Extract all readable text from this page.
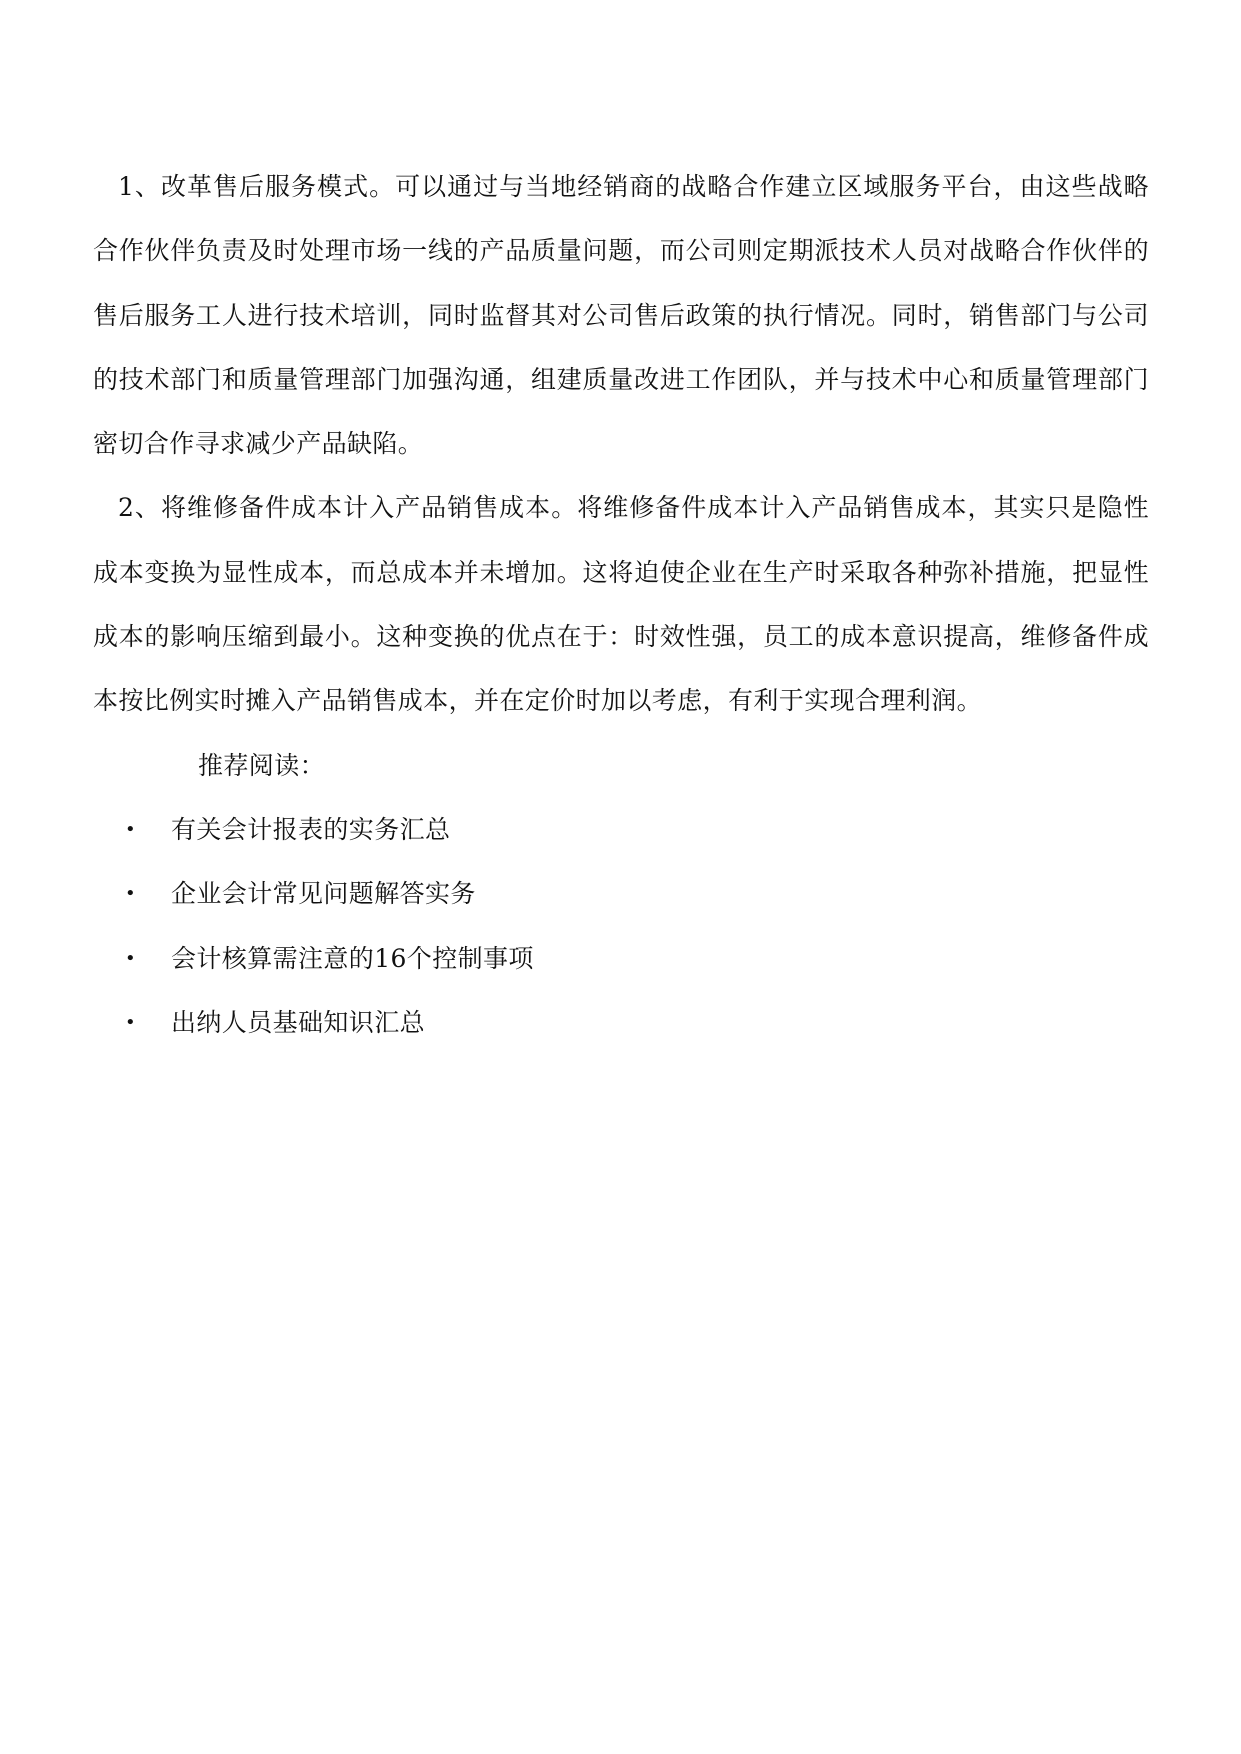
1、改革售后服务模式。可以通过与当地经销商的战略合作建立区域服务平台，由这些战略合作伙伴负责及时处理市场一线的产品质量问题，而公司则定期派技术人员对战略合作伙伴的售后服务工人进行技术培训，同时监督其对公司售后政策的执行情况。同时，销售部门与公司的技术部门和质量管理部门加强沟通，组建质量改进工作团队，并与技术中心和质量管理部门密切合作寻求减少产品缺陷。

2、将维修备件成本计入产品销售成本。将维修备件成本计入产品销售成本，其实只是隐性成本变换为显性成本，而总成本并未增加。这将迫使企业在生产时采取各种弥补措施，把显性成本的影响压缩到最小。这种变换的优点在于：时效性强，员工的成本意识提高，维修备件成本按比例实时摊入产品销售成本，并在定价时加以考虑，有利于实现合理利润。

推荐阅读：

• 有关会计报表的实务汇总
• 企业会计常见问题解答实务
• 会计核算需注意的16个控制事项
• 出纳人员基础知识汇总
